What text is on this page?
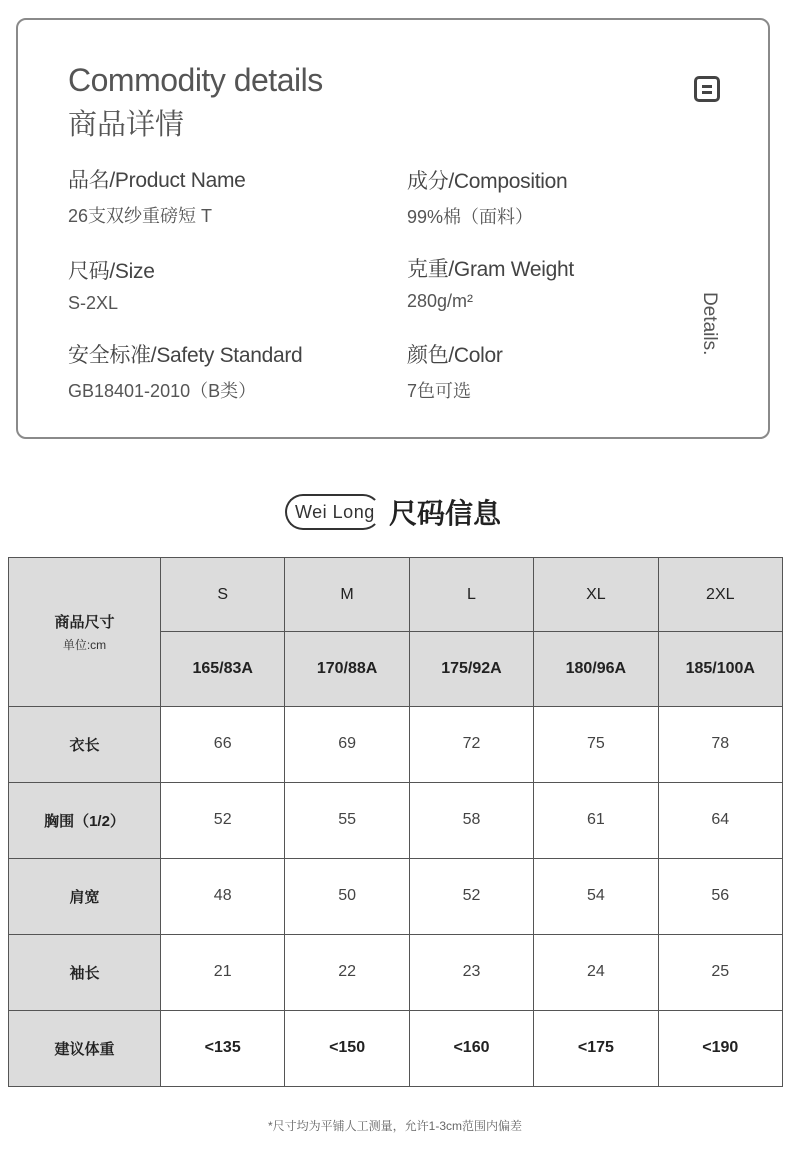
Commodity details
商品详情
品名/Product Name
26支双纱重磅短 T
成分/Composition
99%棉（面料）
尺码/Size
S-2XL
克重/Gram Weight
280g/m²
安全标准/Safety Standard
GB18401-2010（B类）
颜色/Color
7色可选
Details.
Wei Long 尺码信息
商品尺寸
单位:cm	S	M	L	XL	2XL
	165/83A	170/88A	175/92A	180/96A	185/100A
衣长	66	69	72	75	78
胸围（1/2）	52	55	58	61	64
肩宽	48	50	52	54	56
袖长	21	22	23	24	25
建议体重	<135	<150	<160	<175	<190
*尺寸均为平铺人工测量，允许1-3cm范围内偏差
